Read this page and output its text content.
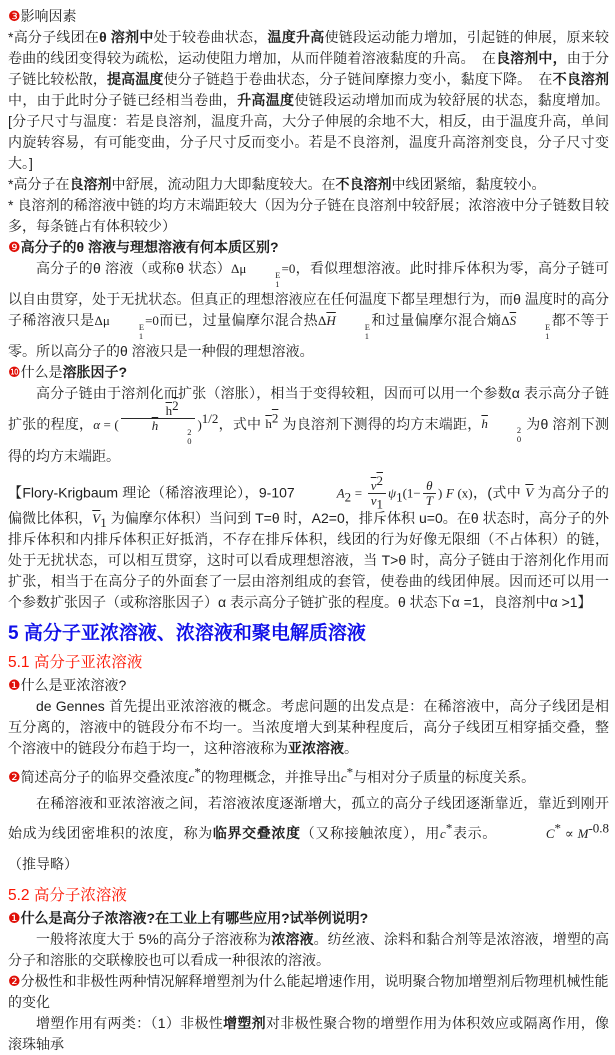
❸影响因素
*高分子线团在θ 溶剂中处于较卷曲状态，温度升高使链段运动能力增加，引起链的伸展，原来较卷曲的线团变得较为疏松，运动使阻力增加，从而伴随着溶液黏度的升高。　在良溶剂中，由于分子链比较松散，提高温度使分子链趋于卷曲状态，分子链间摩擦力变小，黏度下降。　在不良溶剂中，由于此时分子链已经相当卷曲，升高温度使链段运动增加而成为较舒展的状态，黏度增加。[分子尺寸与温度：若是良溶剂，温度升高，大分子伸展的余地不大，相反，由于温度升高，单间内旋转容易，有可能变曲，分子尺寸反而变小。若是不良溶剂，温度升高溶剂变良，分子尺寸变大。]
*高分子在良溶剂中舒展，流动阻力大即黏度较大。在不良溶剂中线团紧缩，黏度较小。
* 良溶剂的稀溶液中链的均方末端距较大（因为分子链在良溶剂中较舒展；浓溶液中分子链数目较多，每条链占有体积较少）
❾高分子的θ 溶液与理想溶液有何本质区别?
高分子的θ 溶液（或称θ 状态）Δμ	E
1
=0，看似理想溶液。此时排斥体积为零，高分子链可以自由贯穿，处于无扰状态。但真正的理想溶液应在任何温度下都呈理想行为，而θ 温度时的高分子稀溶液只是Δμ	E
1
=0而已，过量偏摩尔混合热$\Delta\overline{H}$	E
1
和过量偏摩尔混合熵$\Delta\overline{S}$	E
1
都不等于零。所以高分子的θ 溶液只是一种假的理想溶液。
❿什么是溶胀因子?
高分子链由于溶剂化而扩张（溶胀），相当于变得较粗，因而可以用一个参数α 表示高分子链扩张的程度，α = ( $h^2$
h	2
0 )$^{1/2}$，式中 $h^2$ 为良溶剂下测得的均方末端距，h	2
0
为θ 溶剂下测得的均方末端距。
【Flory-Krigbaum 理论（稀溶液理论），9-107	$A_2 = \frac{v^2}{v_1} \psi_1(1- \frac{\theta}{T}$ ) F (x)，(式中 $\overline{V}$ 为高分子的偏微比体积，$\overline{V}_1$ 为偏摩尔体积）当问到 T=θ 时，A2=0，排斥体积 u=0。在θ 状态时，高分子的外排斥体积和内排斥体积正好抵消，不存在排斥体积，线团的行为好像无限细（不占体积）的链，处于无扰状态，可以相互贯穿，这时可以看成理想溶液，当 T>θ 时，高分子链由于溶剂化作用而扩张，相当于在高分子的外面套了一层由溶剂组成的套管，使卷曲的线团伸展。因而还可以用一个参数扩张因子（或称溶胀因子）α 表示高分子链扩张的程度。θ 状态下α =1，良溶剂中α >1】
5 高分子亚浓溶液、浓溶液和聚电解质溶液
5.1 高分子亚浓溶液
❶什么是亚浓溶液?
de Gennes 首先提出亚浓溶液的概念。考虑问题的出发点是：在稀溶液中，高分子线团是相互分离的，溶液中的链段分布不均一。当浓度增大到某种程度后，高分子线团互相穿插交叠，整个溶液中的链段分布趋于均一，这种溶液称为亚浓溶液。
❷简述高分子的临界交叠浓度c*的物理概念，并推导出c*与相对分子质量的标度关系。
在稀溶液和亚浓溶液之间，若溶液浓度逐渐增大，孤立的高分子线团逐渐靠近，靠近到刚开始成为线团密堆积的浓度，称为临界交叠浓度（又称接触浓度），用c*表示。	$C^* \propto M^{-0.8}$（推导略）
5.2 高分子浓溶液
❶什么是高分子浓溶液?在工业上有哪些应用?试举例说明?
一般将浓度大于 5%的高分子溶液称为浓溶液。纺丝液、涂料和黏合剂等是浓溶液，增塑的高分子和溶胀的交联橡胶也可以看成一种很浓的溶液。
❷分极性和非极性两种情况解释增塑剂为什么能起增速作用，说明聚合物加增塑剂后物理机械性能的变化
增塑作用有两类：（1）非极性增塑剂对非极性聚合物的增塑作用为体积效应或隔离作用，像滚珠轴承
